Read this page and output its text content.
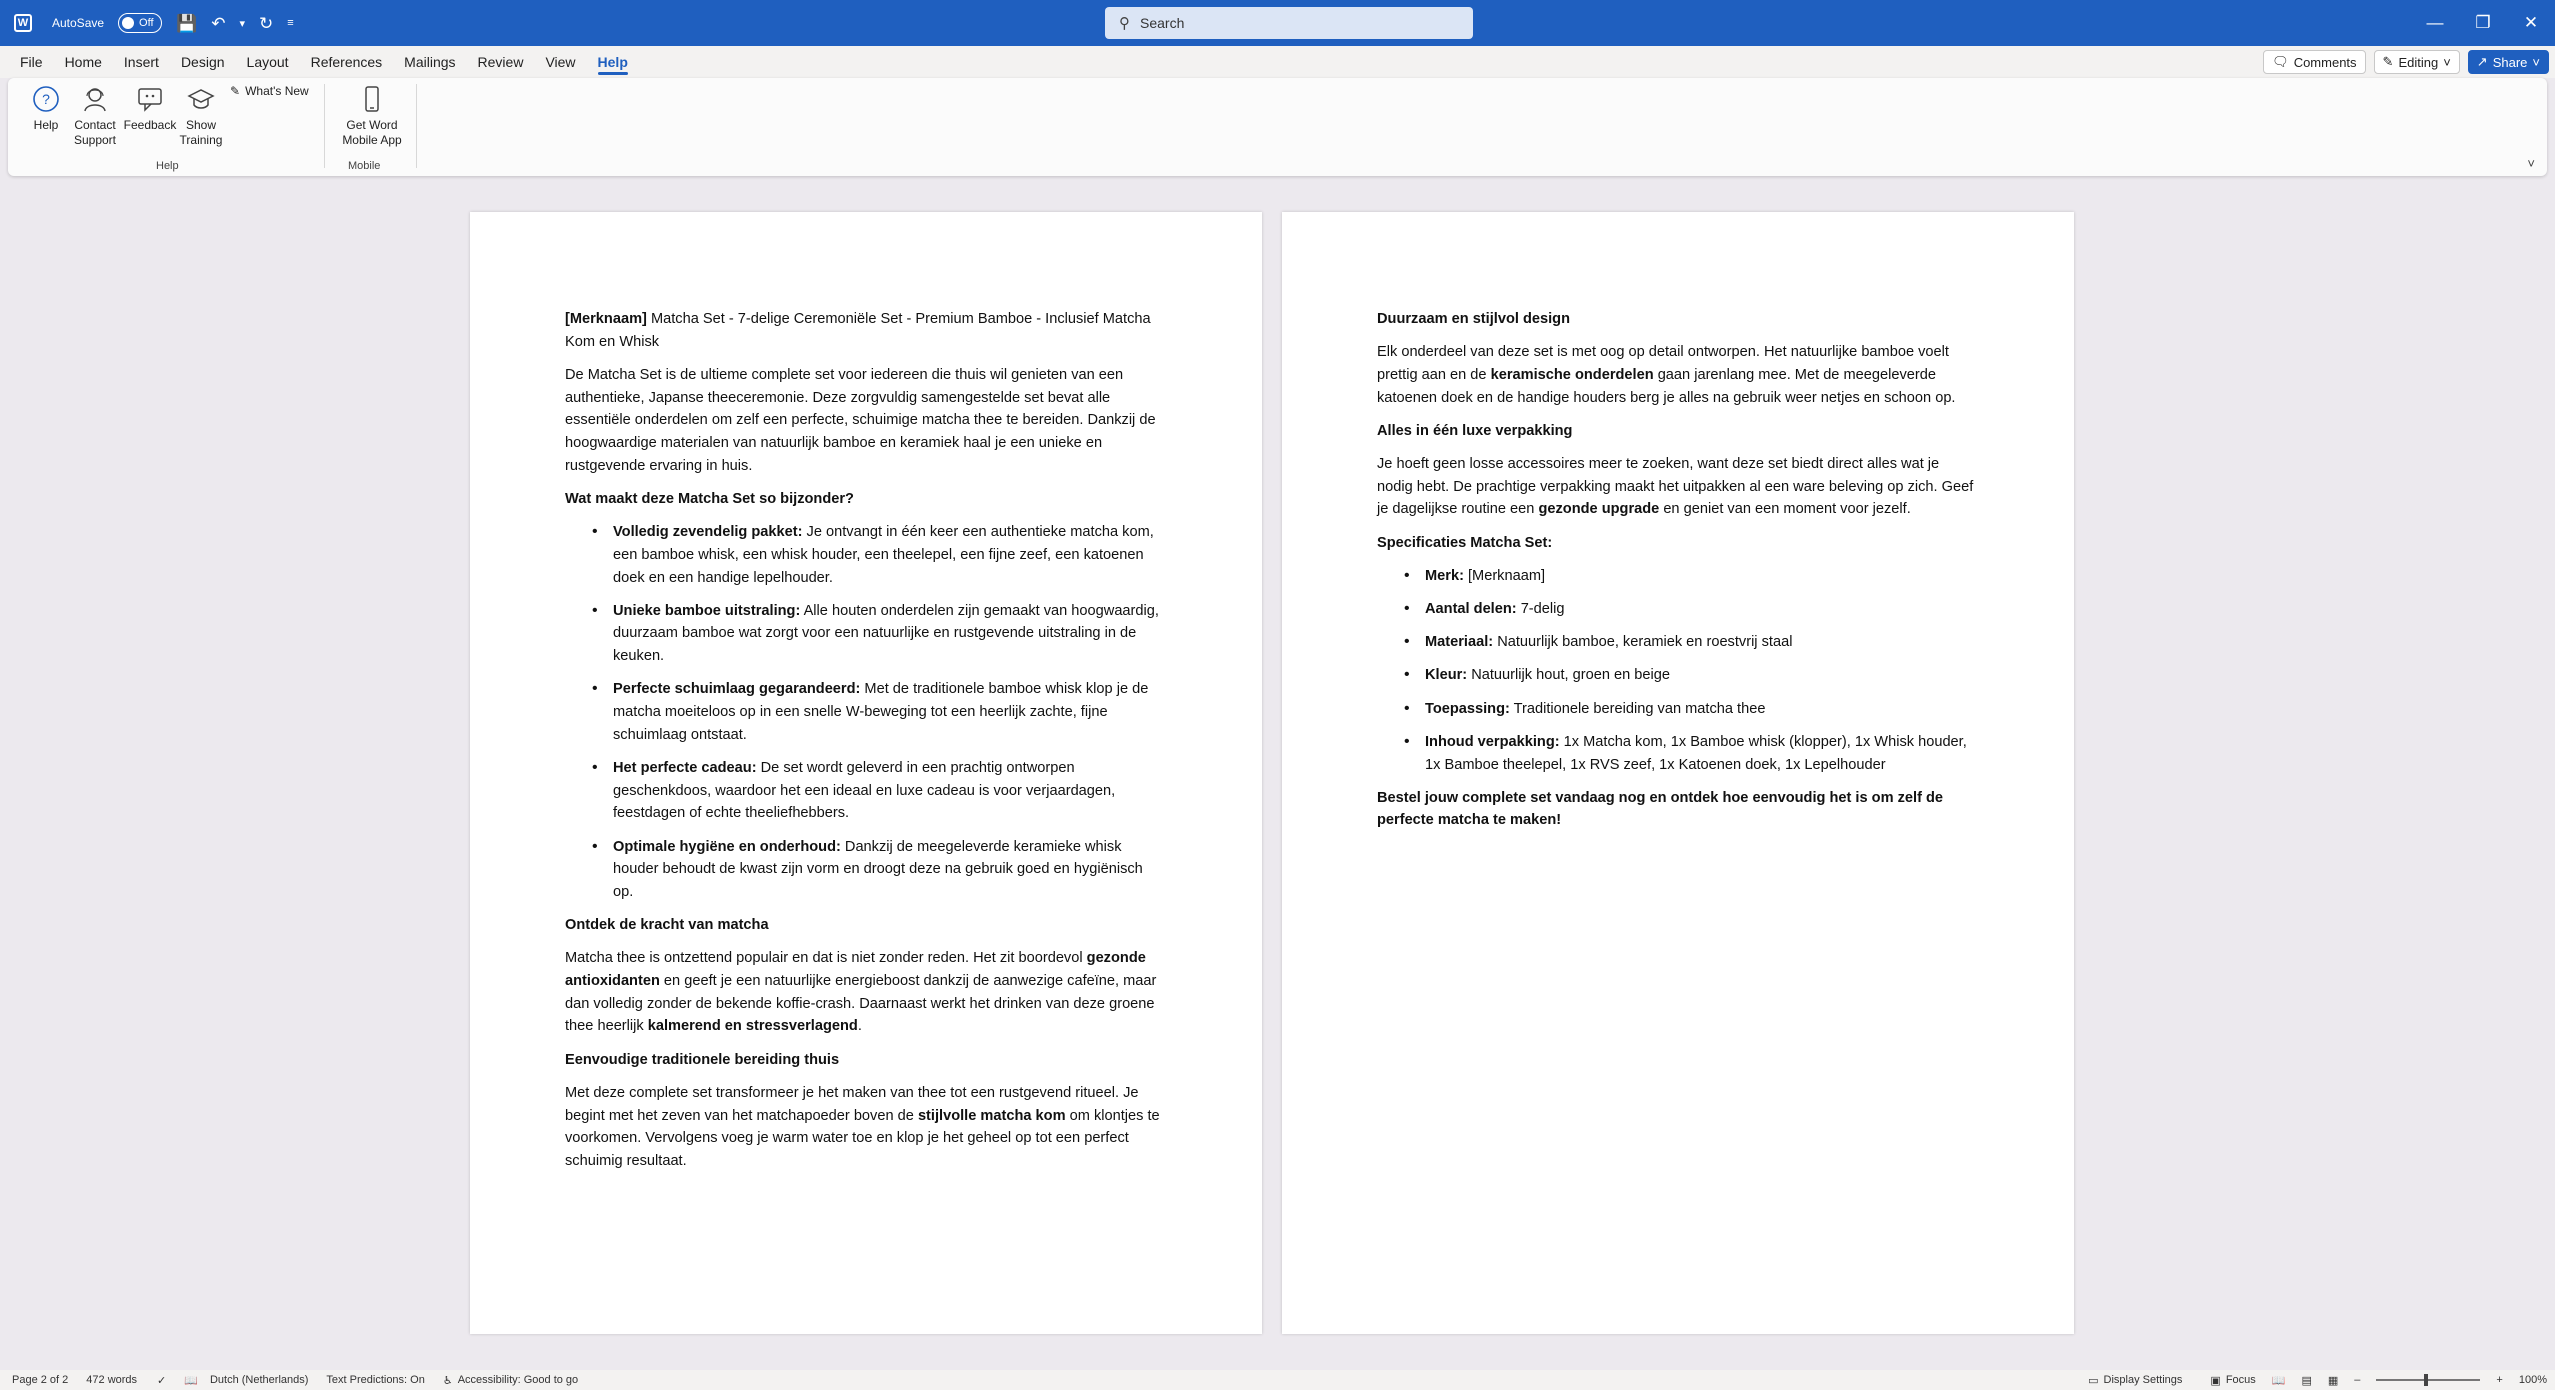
W	AutoSave	Off 💾 ↶ ▾ ↻ ≡	⚲ Search	—	❐	✕
File	Home	Insert	Design	Layout	References	Mailings	Review	View	Help	🗨 Comments ✎ Editing ˅ ↗ Share ˅
?
Help Contact
Support
Feedback Show
Training
✎ What's New
Help
Get Word
Mobile App
Mobile	˅

[Merknaam] Matcha Set - 7-delige Ceremoniële Set - Premium Bamboe - Inclusief Matcha Kom en Whisk

De Matcha Set is de ultieme complete set voor iedereen die thuis wil genieten van een authentieke, Japanse theeceremonie. Deze zorgvuldig samengestelde set bevat alle essentiële onderdelen om zelf een perfecte, schuimige matcha thee te bereiden. Dankzij de hoogwaardige materialen van natuurlijk bamboe en keramiek haal je een unieke en rustgevende ervaring in huis.

Wat maakt deze Matcha Set so bijzonder?

• Volledig zevendelig pakket: Je ontvangt in één keer een authentieke matcha kom, een bamboe whisk, een whisk houder, een theelepel, een fijne zeef, een katoenen doek en een handige lepelhouder.
• Unieke bamboe uitstraling: Alle houten onderdelen zijn gemaakt van hoogwaardig, duurzaam bamboe wat zorgt voor een natuurlijke en rustgevende uitstraling in de keuken.
• Perfecte schuimlaag gegarandeerd: Met de traditionele bamboe whisk klop je de matcha moeiteloos op in een snelle W-beweging tot een heerlijk zachte, fijne schuimlaag ontstaat.
• Het perfecte cadeau: De set wordt geleverd in een prachtig ontworpen geschenkdoos, waardoor het een ideaal en luxe cadeau is voor verjaardagen, feestdagen of echte theeliefhebbers.
• Optimale hygiëne en onderhoud: Dankzij de meegeleverde keramieke whisk houder behoudt de kwast zijn vorm en droogt deze na gebruik goed en hygiënisch op.

Ontdek de kracht van matcha

Matcha thee is ontzettend populair en dat is niet zonder reden. Het zit boordevol gezonde antioxidanten en geeft je een natuurlijke energieboost dankzij de aanwezige cafeïne, maar dan volledig zonder de bekende koffie-crash. Daarnaast werkt het drinken van deze groene thee heerlijk kalmerend en stressverlagend.

Eenvoudige traditionele bereiding thuis

Met deze complete set transformeer je het maken van thee tot een rustgevend ritueel. Je begint met het zeven van het matchapoeder boven de stijlvolle matcha kom om klontjes te voorkomen. Vervolgens voeg je warm water toe en klop je het geheel op tot een perfect schuimig resultaat.

Duurzaam en stijlvol design

Elk onderdeel van deze set is met oog op detail ontworpen. Het natuurlijke bamboe voelt prettig aan en de keramische onderdelen gaan jarenlang mee. Met de meegeleverde katoenen doek en de handige houders berg je alles na gebruik weer netjes en schoon op.

Alles in één luxe verpakking

Je hoeft geen losse accessoires meer te zoeken, want deze set biedt direct alles wat je nodig hebt. De prachtige verpakking maakt het uitpakken al een ware beleving op zich. Geef je dagelijkse routine een gezonde upgrade en geniet van een moment voor jezelf.

Specificaties Matcha Set:

• Merk: [Merknaam]
• Aantal delen: 7-delig
• Materiaal: Natuurlijk bamboe, keramiek en roestvrij staal
• Kleur: Natuurlijk hout, groen en beige
• Toepassing: Traditionele bereiding van matcha thee
• Inhoud verpakking: 1x Matcha kom, 1x Bamboe whisk (klopper), 1x Whisk houder, 1x Bamboe theelepel, 1x RVS zeef, 1x Katoenen doek, 1x Lepelhouder

Bestel jouw complete set vandaag nog en ontdek hoe eenvoudig het is om zelf de perfecte matcha te maken!

Page 2 of 2 472 words ✓ 📖 Dutch (Netherlands) Text Predictions: On ♿ Accessibility: Good to go	▭ Display Settings	▣ Focus 📖 ▤ ▦ –	+ 100%
